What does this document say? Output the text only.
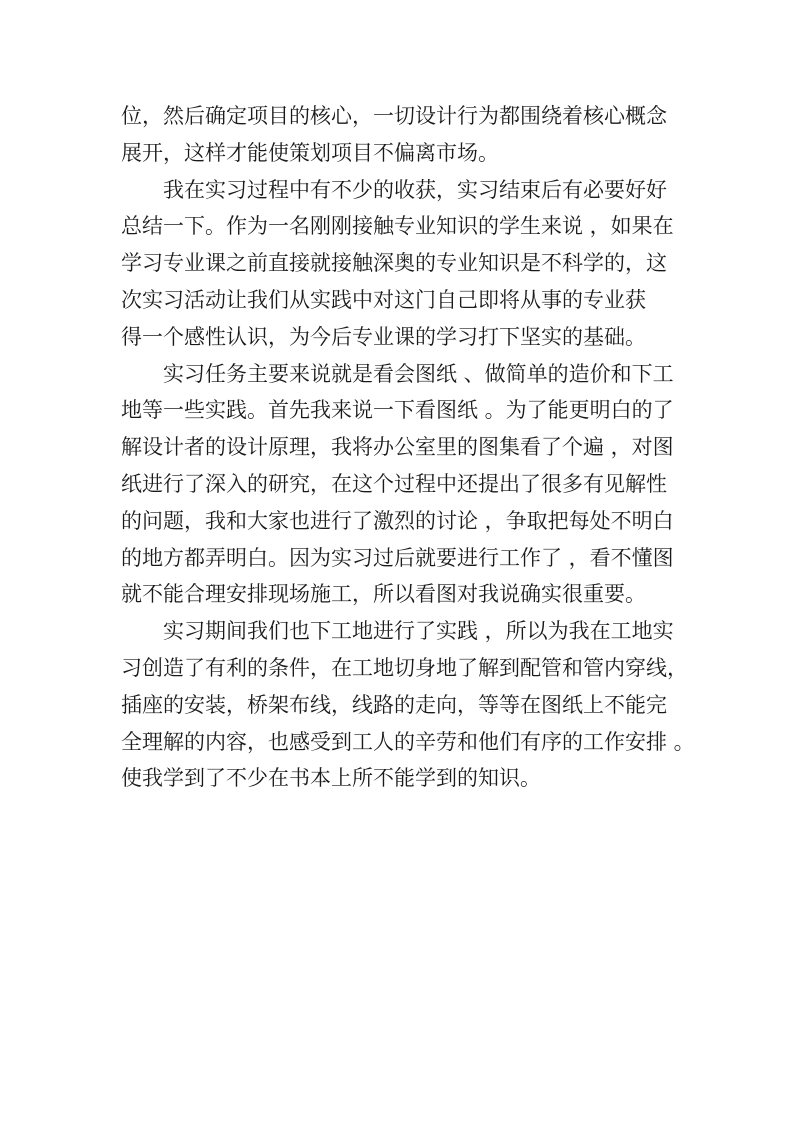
位，然后确定项目的核心，一切设计行为都围绕着核心概念
展开，这样才能使策划项目不偏离市场。
我在实习过程中有不少的收获，实习结束后有必要好好
总结一下。作为一名刚刚接触专业知识的学生来说 ，如果在
学习专业课之前直接就接触深奥的专业知识是不科学的，这
次实习活动让我们从实践中对这门自己即将从事的专业获
得一个感性认识，为今后专业课的学习打下坚实的基础。
实习任务主要来说就是看会图纸 、做简单的造价和下工
地等一些实践。首先我来说一下看图纸 。为了能更明白的了
解设计者的设计原理，我将办公室里的图集看了个遍 ，对图
纸进行了深入的研究，在这个过程中还提出了很多有见解性
的问题，我和大家也进行了激烈的讨论 ，争取把每处不明白
的地方都弄明白。因为实习过后就要进行工作了 ，看不懂图
就不能合理安排现场施工，所以看图对我说确实很重要。
实习期间我们也下工地进行了实践 ，所以为我在工地实
习创造了有利的条件，在工地切身地了解到配管和管内穿线，
插座的安装，桥架布线，线路的走向，等等在图纸上不能完
全理解的内容，也感受到工人的辛劳和他们有序的工作安排 。
使我学到了不少在书本上所不能学到的知识。
